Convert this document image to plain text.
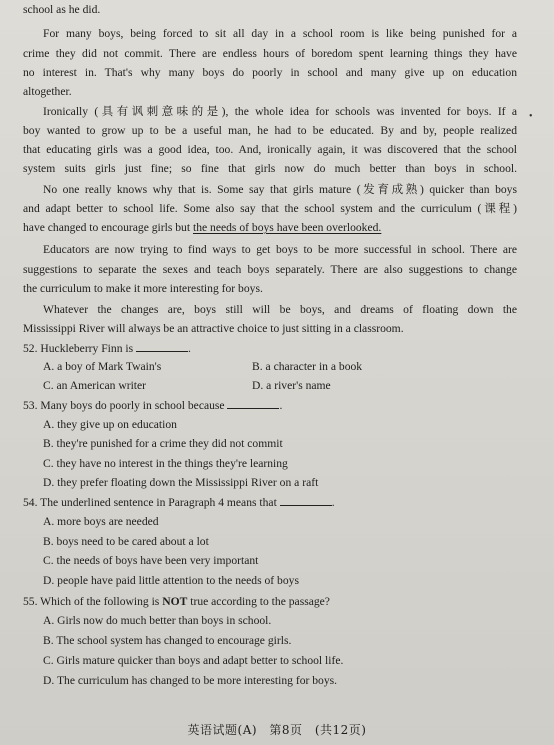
school as he did.
For many boys, being forced to sit all day in a school room is like being punished for a
crime they did not commit. There are endless hours of boredom spent learning things they have
no interest in. That's why many boys do poorly in school and many give up on education
altogether.
Ironically (具有讽刺意味的是), the whole idea for schools was invented for boys. If a
boy wanted to grow up to be a useful man, he had to be educated. By and by, people realized
that educating girls was a good idea, too. And, ironically again, it was discovered that the school
system suits girls just fine; so fine that girls now do much better than boys in school.
No one really knows why that is. Some say that girls mature (发育成熟) quicker than boys
and adapt better to school life. Some also say that the school system and the curriculum (课程)
have changed to encourage girls but the needs of boys have been overlooked.
Educators are now trying to find ways to get boys to be more successful in school. There are
suggestions to separate the sexes and teach boys separately. There are also suggestions to change
the curriculum to make it more interesting for boys.
Whatever the changes are, boys still will be boys, and dreams of floating down the
Mississippi River will always be an attractive choice to just sitting in a classroom.
52. Huckleberry Finn is	.
A. a boy of Mark Twain's	B. a character in a book
C. an American writer	D. a river's name
53. Many boys do poorly in school because	.
A. they give up on education
B. they're punished for a crime they did not commit
C. they have no interest in the things they're learning
D. they prefer floating down the Mississippi River on a raft
54. The underlined sentence in Paragraph 4 means that	.
A. more boys are needed
B. boys need to be cared about a lot
C. the needs of boys have been very important
D. people have paid little attention to the needs of boys
55. Which of the following is NOT true according to the passage?
A. Girls now do much better than boys in school.
B. The school system has changed to encourage girls.
C. Girls mature quicker than boys and adapt better to school life.
D. The curriculum has changed to be more interesting for boys.
•
英语试题(A) 第8页 (共12页)
